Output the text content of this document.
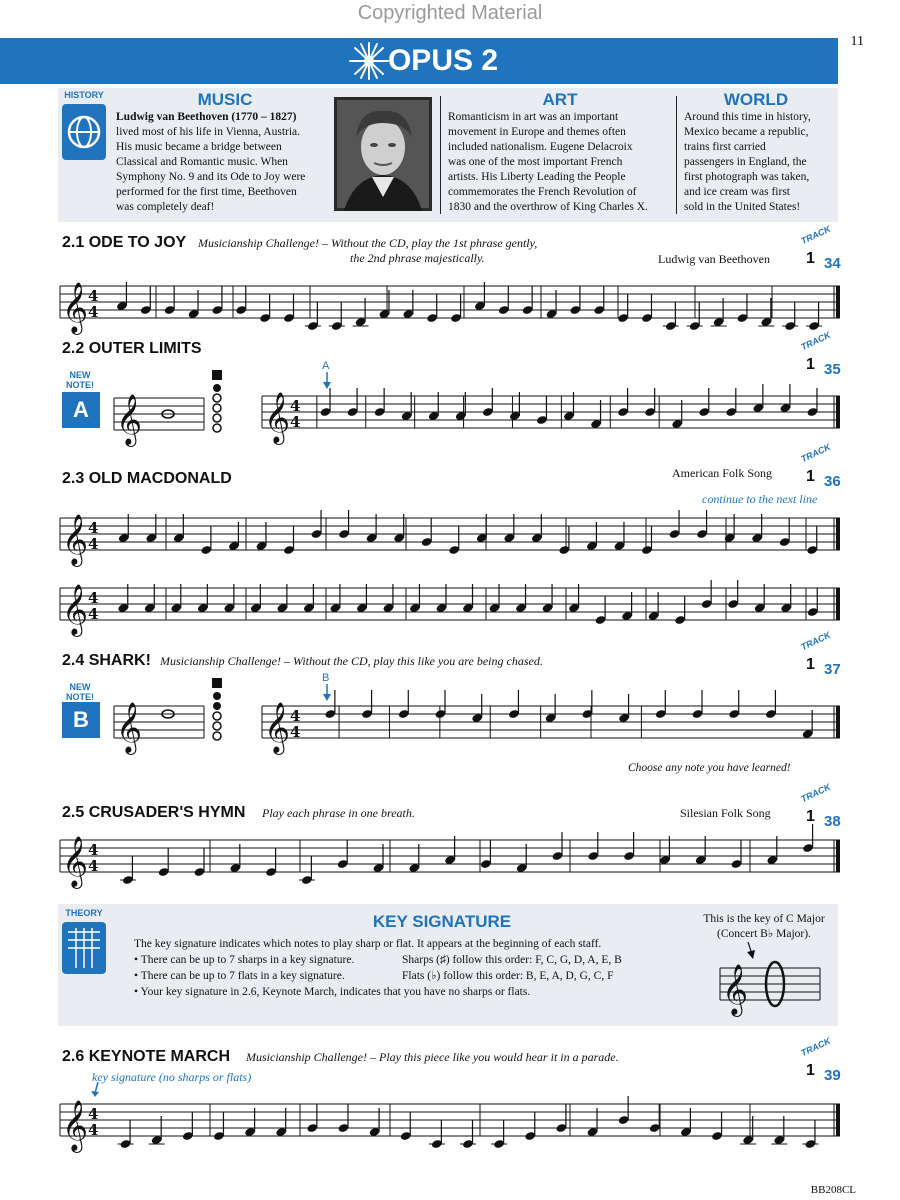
Copyrighted Material
11
OPUS 2
HISTORY	MUSIC
Ludwig van Beethoven (1770 – 1827)
lived most of his life in Vienna, Austria.
His music became a bridge between
Classical and Romantic music. When
Symphony No. 9 and its Ode to Joy were
performed for the first time, Beethoven
was completely deaf!
ART
Romanticism in art was an important
movement in Europe and themes often
included nationalism. Eugene Delacroix
was one of the most important French
artists. His Liberty Leading the People
commemorates the French Revolution of
1830 and the overthrow of King Charles X.
WORLD
Around this time in history,
Mexico became a republic,
trains first carried
passengers in England, the
first photograph was taken,
and ice cream was first
sold in the United States!
2.1 ODE TO JOY Musicianship Challenge! – Without the CD, play the 1st phrase gently,
the 2nd phrase majestically.	Ludwig van Beethoven
TRACK
1 34
𝄞 4
4
2.2 OUTER LIMITS	TRACK
1 35
NEW NOTE!
A 𝄞
A
𝄞 4
4
2.3 OLD MACDONALD	American Folk Song
TRACK
1 36
continue to the next line
𝄞 4
4
𝄞 4
4
2.4 SHARK! Musicianship Challenge! – Without the CD, play this like you are being chased.
TRACK
1 37
NEW NOTE!
B 𝄞
B
𝄞 4
4
Choose any note you have learned!
2.5 CRUSADER'S HYMN Play each phrase in one breath.	Silesian Folk Song
TRACK
1 38
𝄞 4
4
THEORY	KEY SIGNATURE
The key signature indicates which notes to play sharp or flat. It appears at the beginning of each staff.
• There can be up to 7 sharps in a key signature.	Sharps (♯) follow this order: F, C, G, D, A, E, B
• There can be up to 7 flats in a key signature.	Flats (♭) follow this order: B, E, A, D, G, C, F
• Your key signature in 2.6, Keynote March, indicates that you have no sharps or flats.
This is the key of C Major
(Concert B♭ Major).
𝄞
2.6 KEYNOTE MARCH Musicianship Challenge! – Play this piece like you would hear it in a parade.	TRACK
1 39
key signature (no sharps or flats)
𝄞 4
4
BB208CL
